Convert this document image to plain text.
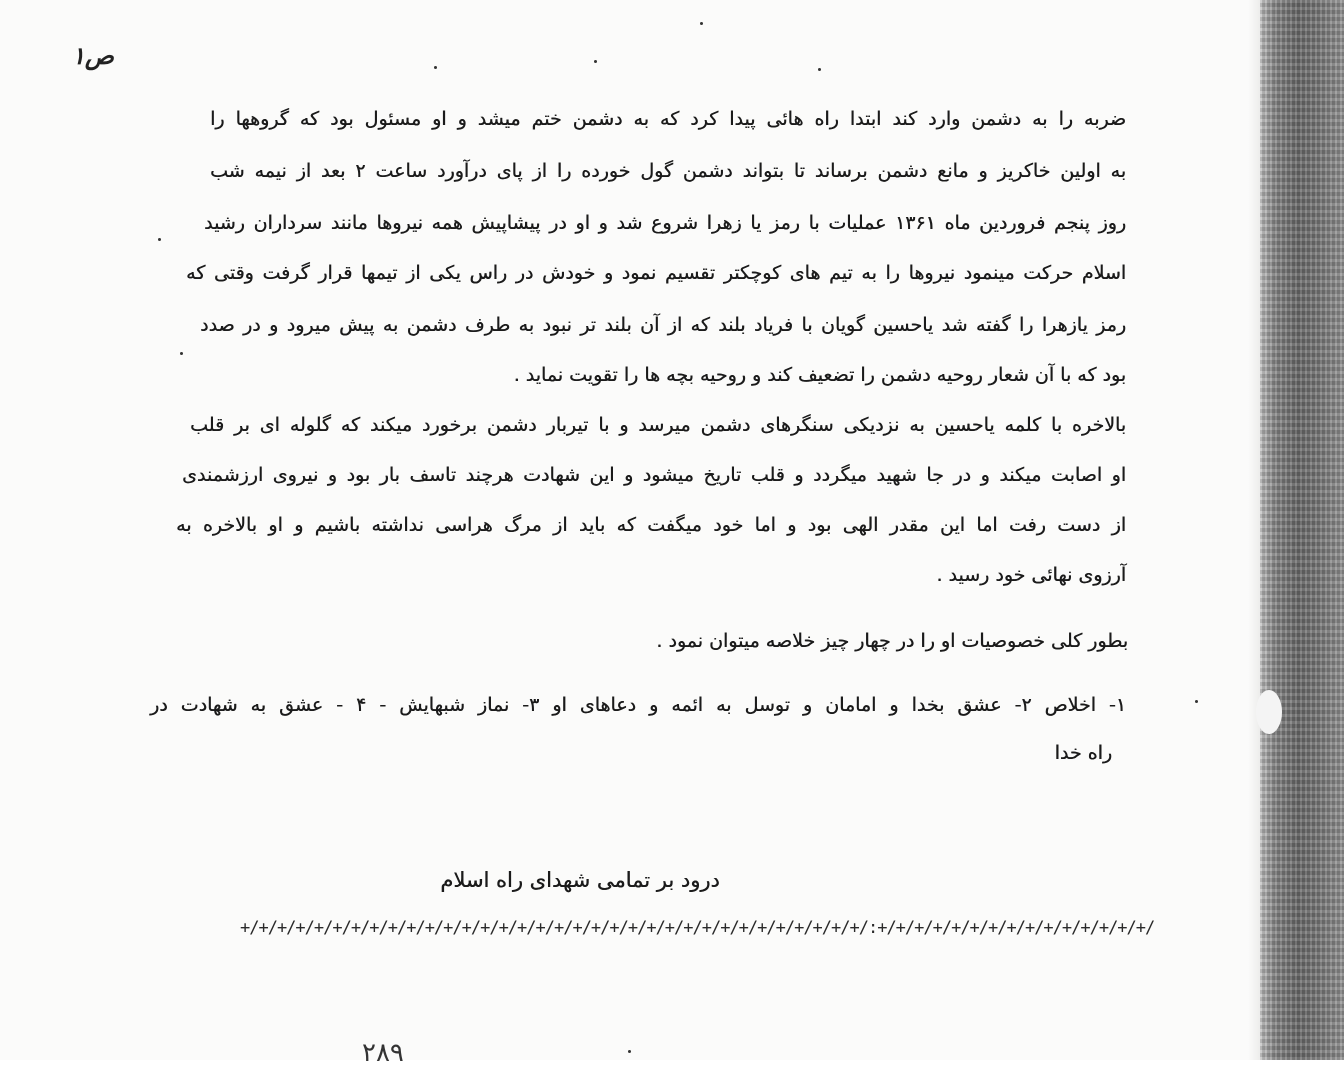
ص۱
ضربه را به دشمن وارد کند ابتدا راه هائی پیدا کرد که به دشمن ختم میشد و او مسئول بود که گروهها را
به اولین خاکریز و مانع دشمن برساند تا بتواند دشمن گول خورده را از پای درآورد ساعت ۲ بعد از نیمه شب
روز پنجم فروردین ماه ۱۳۶۱ عملیات با رمز یا زهرا شروع شد و او در پیشاپیش همه نیروها مانند سرداران رشید
اسلام حرکت مینمود نیروها را به تیم های کوچکتر تقسیم نمود و خودش در راس یکی از تیمها قرار گرفت وقتی که
رمز یازهرا را گفته شد یاحسین گویان با فریاد بلند که از آن بلند تر نبود به طرف دشمن به پیش میرود و در صدد
بود که با آن شعار روحیه دشمن را تضعیف کند و روحیه بچه ها را تقویت نماید .
بالاخره با کلمه یاحسین به نزدیکی سنگرهای دشمن میرسد و با تیربار دشمن برخورد میکند که گلوله ای بر قلب
او اصابت میکند و در جا شهید میگردد و قلب تاریخ میشود و این شهادت هرچند تاسف بار بود و نیروی ارزشمندی
از دست رفت اما این مقدر الهی بود و اما خود میگفت که باید از مرگ هراسی نداشته باشیم و او بالاخره به
آرزوی نهائی خود رسید .
بطور کلی خصوصیات او را در چهار چیز خلاصه میتوان نمود .
۱- اخلاص ۲- عشق بخدا و امامان و توسل به ائمه و دعاهای او ۳- نماز شبهایش - ۴ - عشق به شهادت در
راه خدا
درود بر تمامی شهدای راه اسلام
+/+/+/+/+/+/+/+/+/+/+/+/+/+/+/+/+/+/+/+/+/+/+/+/+/+/+/+/+/+/+/+/+/+/:+/+/+/+/+/+/+/+/+/+/+/+/+/+/+/
۲۸۹
